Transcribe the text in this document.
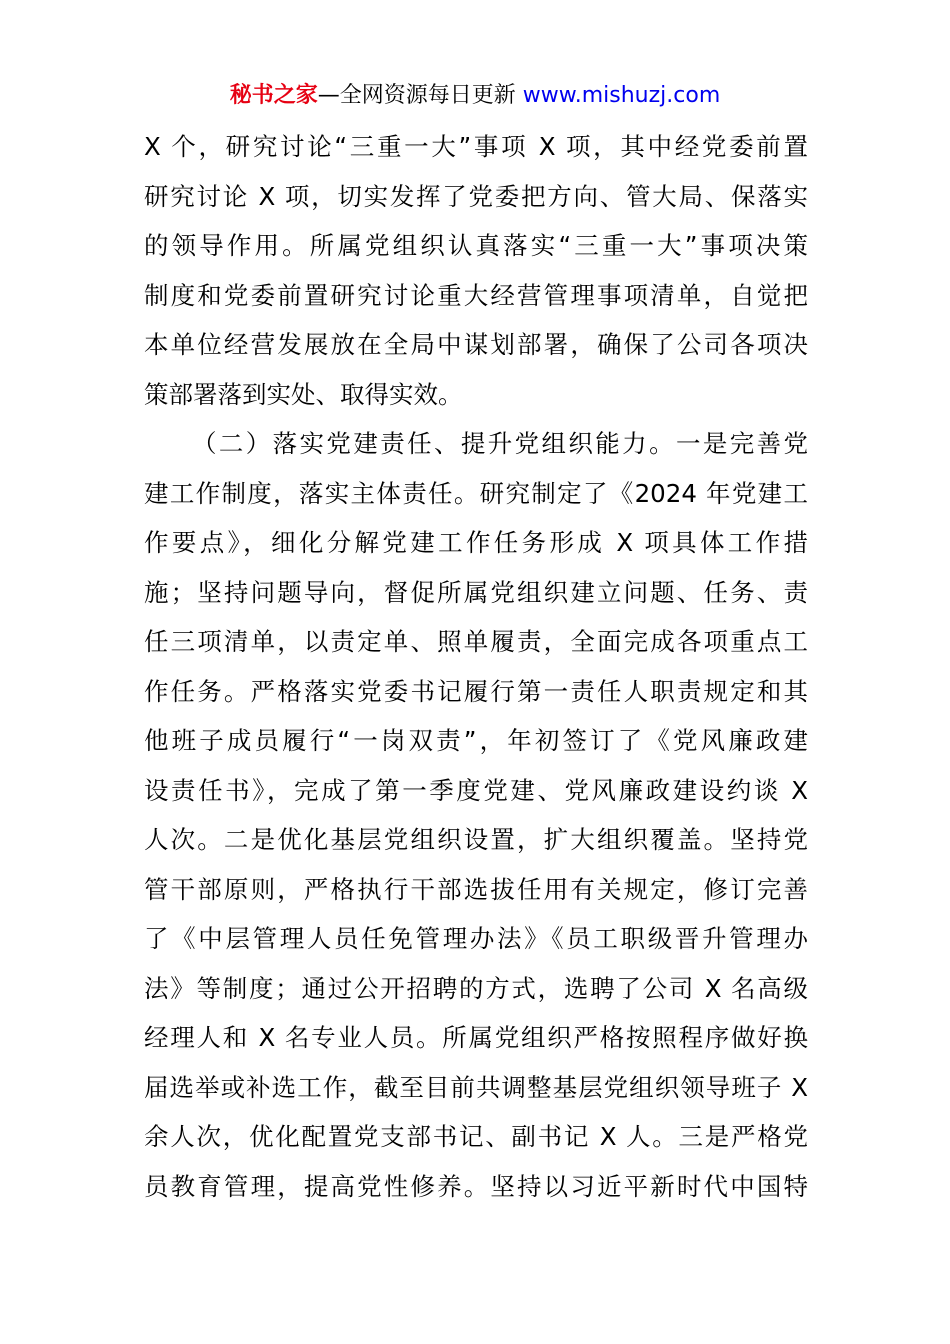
秘书之家—全网资源每日更新 www.mishuzj.com
X 个，研究讨论“三重一大”事项 X 项，其中经党委前置
研究讨论 X 项，切实发挥了党委把方向、管大局、保落实
的领导作用。所属党组织认真落实“三重一大”事项决策
制度和党委前置研究讨论重大经营管理事项清单，自觉把
本单位经营发展放在全局中谋划部署，确保了公司各项决
策部署落到实处、取得实效。
（二）落实党建责任、提升党组织能力。一是完善党
建工作制度，落实主体责任。研究制定了《2024 年党建工
作要点》，细化分解党建工作任务形成 X 项具体工作措
施；坚持问题导向，督促所属党组织建立问题、任务、责
任三项清单，以责定单、照单履责，全面完成各项重点工
作任务。严格落实党委书记履行第一责任人职责规定和其
他班子成员履行“一岗双责”，年初签订了《党风廉政建
设责任书》，完成了第一季度党建、党风廉政建设约谈 X
人次。二是优化基层党组织设置，扩大组织覆盖。坚持党
管干部原则，严格执行干部选拔任用有关规定，修订完善
了《中层管理人员任免管理办法》《员工职级晋升管理办
法》等制度；通过公开招聘的方式，选聘了公司 X 名高级
经理人和 X 名专业人员。所属党组织严格按照程序做好换
届选举或补选工作，截至目前共调整基层党组织领导班子 X
余人次，优化配置党支部书记、副书记 X 人。三是严格党
员教育管理，提高党性修养。坚持以习近平新时代中国特
